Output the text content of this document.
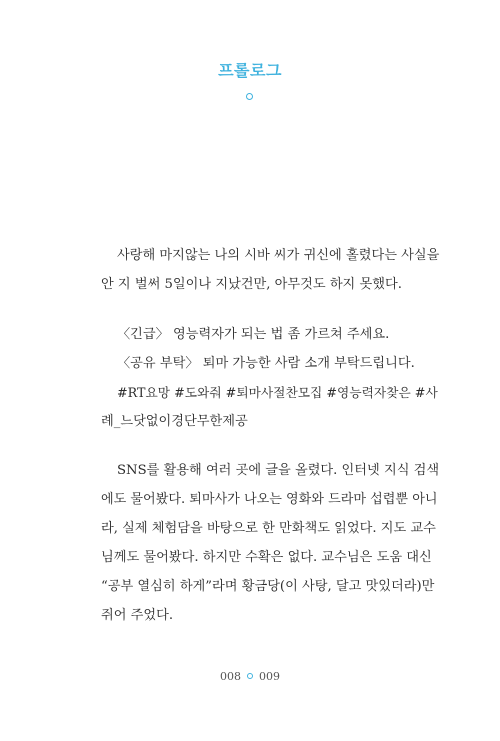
프롤로그

사랑해 마지않는 나의 시바 씨가 귀신에 홀렸다는 사실을
안 지 벌써 5일이나 지났건만, 아무것도 하지 못했다.

〈긴급〉 영능력자가 되는 법 좀 가르쳐 주세요.
〈공유 부탁〉 퇴마 가능한 사람 소개 부탁드립니다.
#RT요망 #도와줘 #퇴마사절찬모집 #영능력자찾은 #사
례_느닷없이경단무한제공

SNS를 활용해 여러 곳에 글을 올렸다. 인터넷 지식 검색
에도 물어봤다. 퇴마사가 나오는 영화와 드라마 섭렵뿐 아니
라, 실제 체험담을 바탕으로 한 만화책도 읽었다. 지도 교수
님께도 물어봤다. 하지만 수확은 없다. 교수님은 도움 대신
“공부 열심히 하게”라며 황금당(이 사탕, 달고 맛있더라)만
쥐어 주었다.

008 009
